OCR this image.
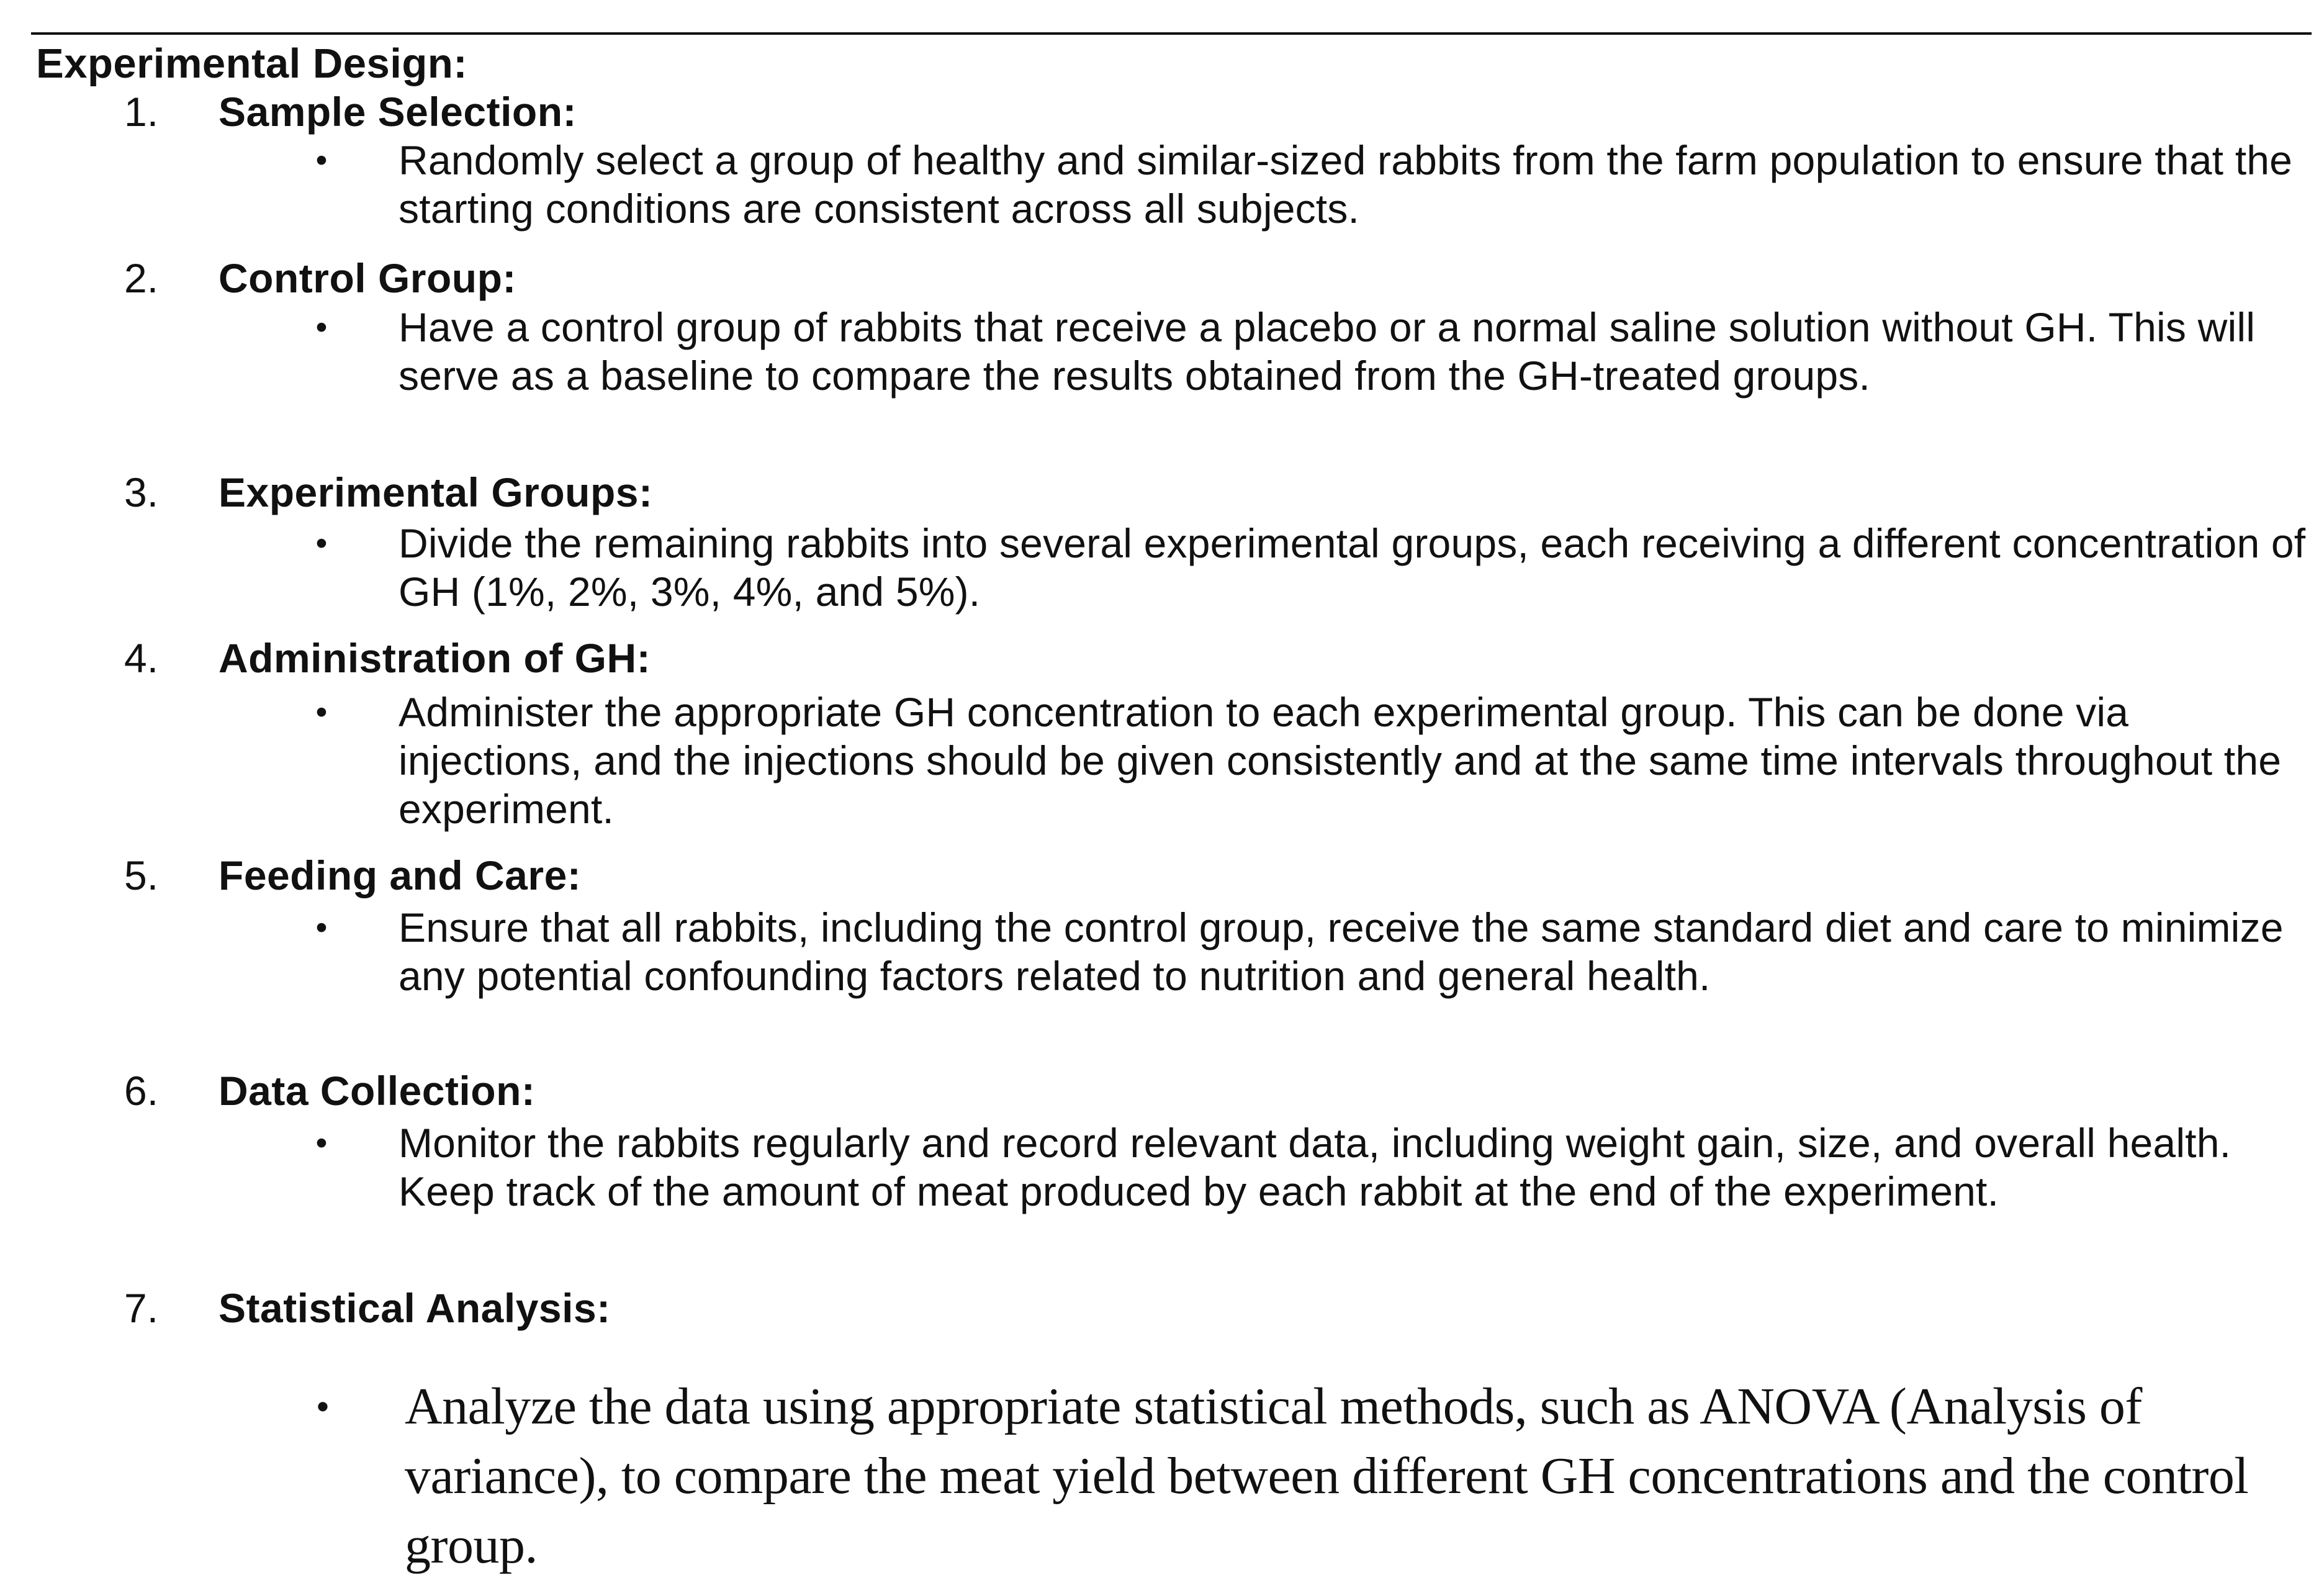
Experimental Design:
1.	Sample Selection:
• Randomly select a group of healthy and similar-sized rabbits from the farm population to ensure that the starting conditions are consistent across all subjects.

2.	Control Group:
• Have a control group of rabbits that receive a placebo or a normal saline solution without GH. This will serve as a baseline to compare the results obtained from the GH-treated groups.

3.	Experimental Groups:
• Divide the remaining rabbits into several experimental groups, each receiving a different concentration of GH (1%, 2%, 3%, 4%, and 5%).

4.	Administration of GH:
• Administer the appropriate GH concentration to each experimental group. This can be done via injections, and the injections should be given consistently and at the same time intervals throughout the experiment.

5.	Feeding and Care:
• Ensure that all rabbits, including the control group, receive the same standard diet and care to minimize any potential confounding factors related to nutrition and general health.

6.	Data Collection:
• Monitor the rabbits regularly and record relevant data, including weight gain, size, and overall health. Keep track of the amount of meat produced by each rabbit at the end of the experiment.

7.	Statistical Analysis:
• Analyze the data using appropriate statistical methods, such as ANOVA (Analysis of variance), to compare the meat yield between different GH concentrations and the control group.
